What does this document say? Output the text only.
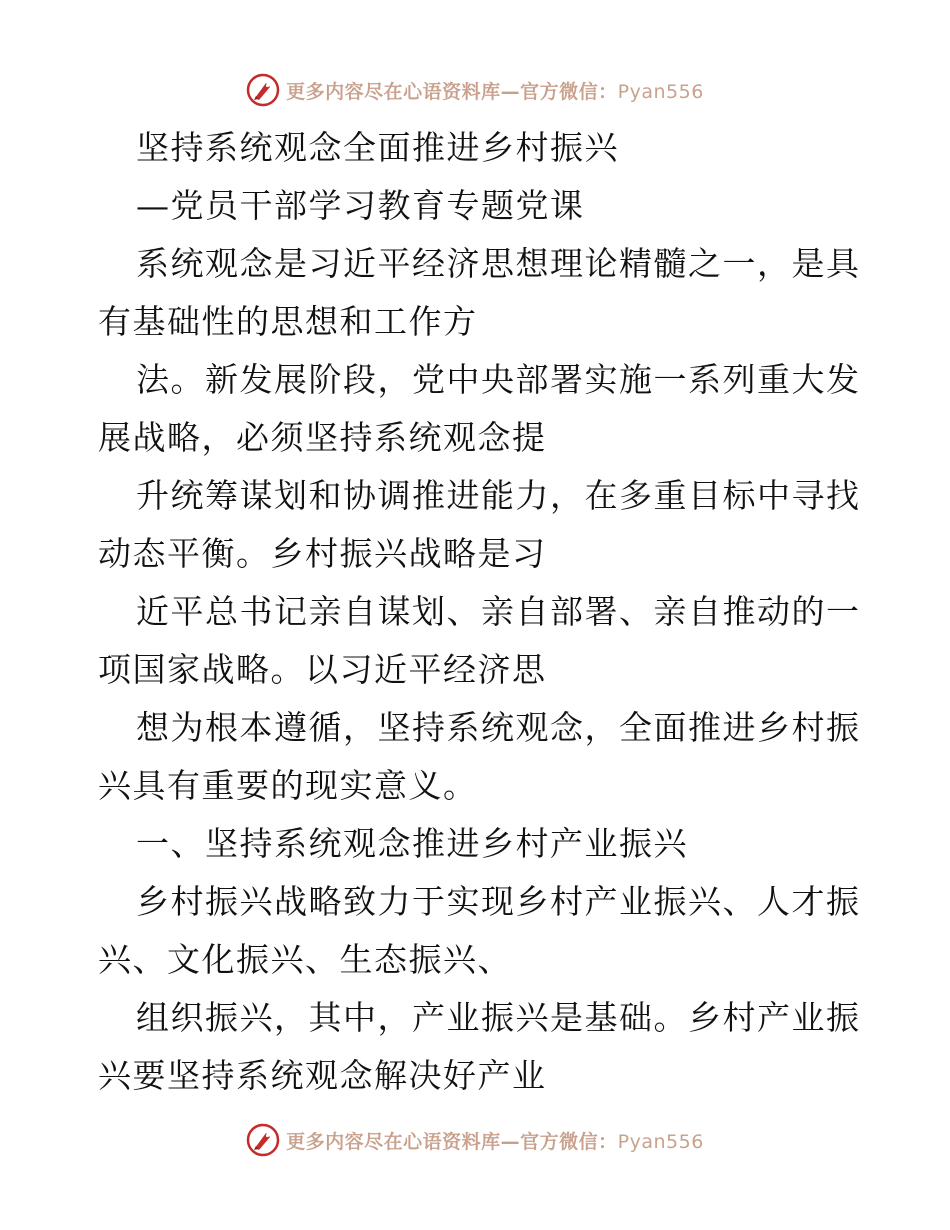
更多内容尽在心语资料库—官方微信：Pyan556
坚持系统观念全面推进乡村振兴
—党员干部学习教育专题党课
系统观念是习近平经济思想理论精髓之一，是具
有基础性的思想和工作方
法。新发展阶段，党中央部署实施一系列重大发
展战略，必须坚持系统观念提
升统筹谋划和协调推进能力，在多重目标中寻找
动态平衡。乡村振兴战略是习
近平总书记亲自谋划、亲自部署、亲自推动的一
项国家战略。以习近平经济思
想为根本遵循，坚持系统观念，全面推进乡村振
兴具有重要的现实意义。
一、坚持系统观念推进乡村产业振兴
乡村振兴战略致力于实现乡村产业振兴、人才振
兴、文化振兴、生态振兴、
组织振兴，其中，产业振兴是基础。乡村产业振
兴要坚持系统观念解决好产业
更多内容尽在心语资料库—官方微信：Pyan556
